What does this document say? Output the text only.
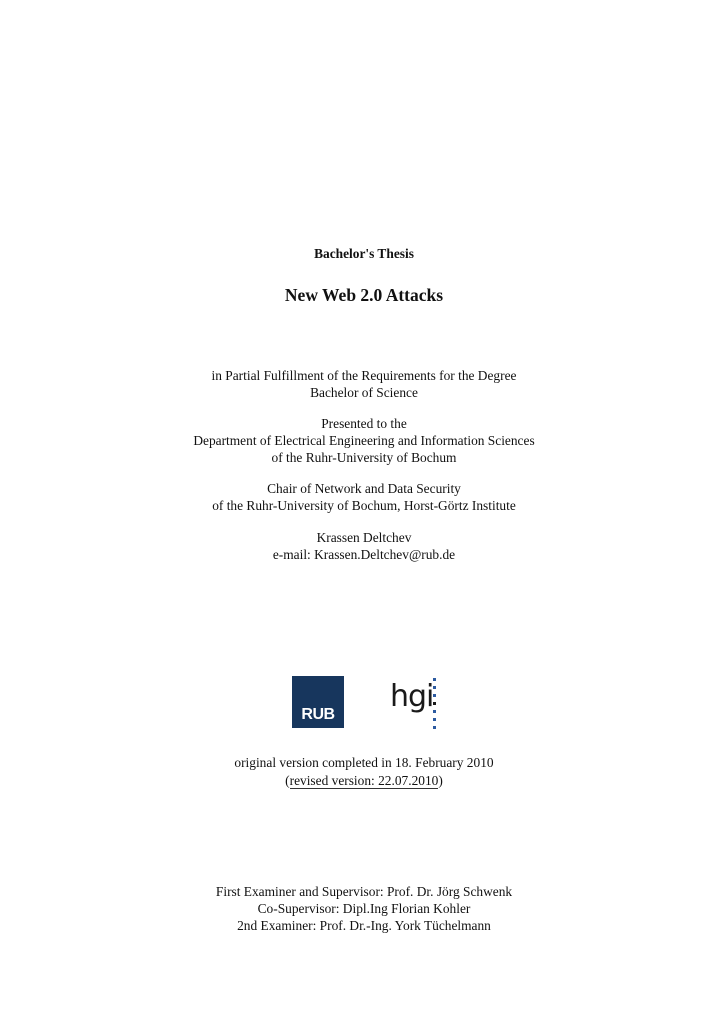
Bachelor's Thesis
New Web 2.0 Attacks
in Partial Fulfillment of the Requirements for the Degree
Bachelor of Science
Presented to the
Department of Electrical Engineering and Information Sciences
of the Ruhr-University of Bochum
Chair of Network and Data Security
of the Ruhr-University of Bochum, Horst-Görtz Institute
Krassen Deltchev
e-mail: Krassen.Deltchev@rub.de
RUB
hgi
original version completed in 18. February 2010
(revised version: 22.07.2010)
First Examiner and Supervisor: Prof. Dr. Jörg Schwenk
Co-Supervisor: Dipl.Ing Florian Kohler
2nd Examiner: Prof. Dr.-Ing. York Tüchelmann
